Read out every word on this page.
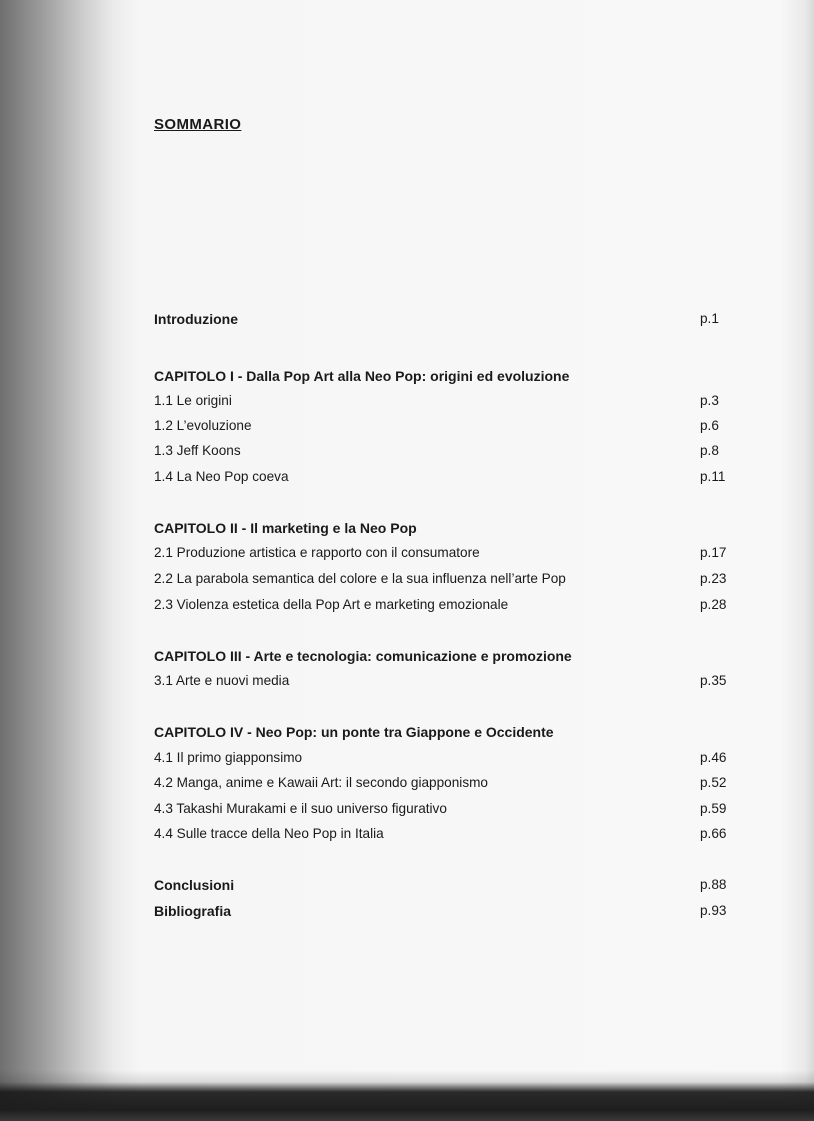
SOMMARIO
Introduzione	p.1
CAPITOLO I - Dalla Pop Art alla Neo Pop: origini ed evoluzione
1.1 Le origini	p.3
1.2 L’evoluzione	p.6
1.3 Jeff Koons	p.8
1.4 La Neo Pop coeva	p.11
CAPITOLO II - Il marketing e la Neo Pop
2.1 Produzione artistica e rapporto con il consumatore	p.17
2.2 La parabola semantica del colore e la sua influenza nell’arte Pop	p.23
2.3 Violenza estetica della Pop Art e marketing emozionale	p.28
CAPITOLO III - Arte e tecnologia: comunicazione e promozione
3.1 Arte e nuovi media	p.35
CAPITOLO IV - Neo Pop: un ponte tra Giappone e Occidente
4.1 Il primo giapponsimo	p.46
4.2 Manga, anime e Kawaii Art: il secondo giapponismo	p.52
4.3 Takashi Murakami e il suo universo figurativo	p.59
4.4 Sulle tracce della Neo Pop in Italia	p.66
Conclusioni	p.88
Bibliografia	p.93
